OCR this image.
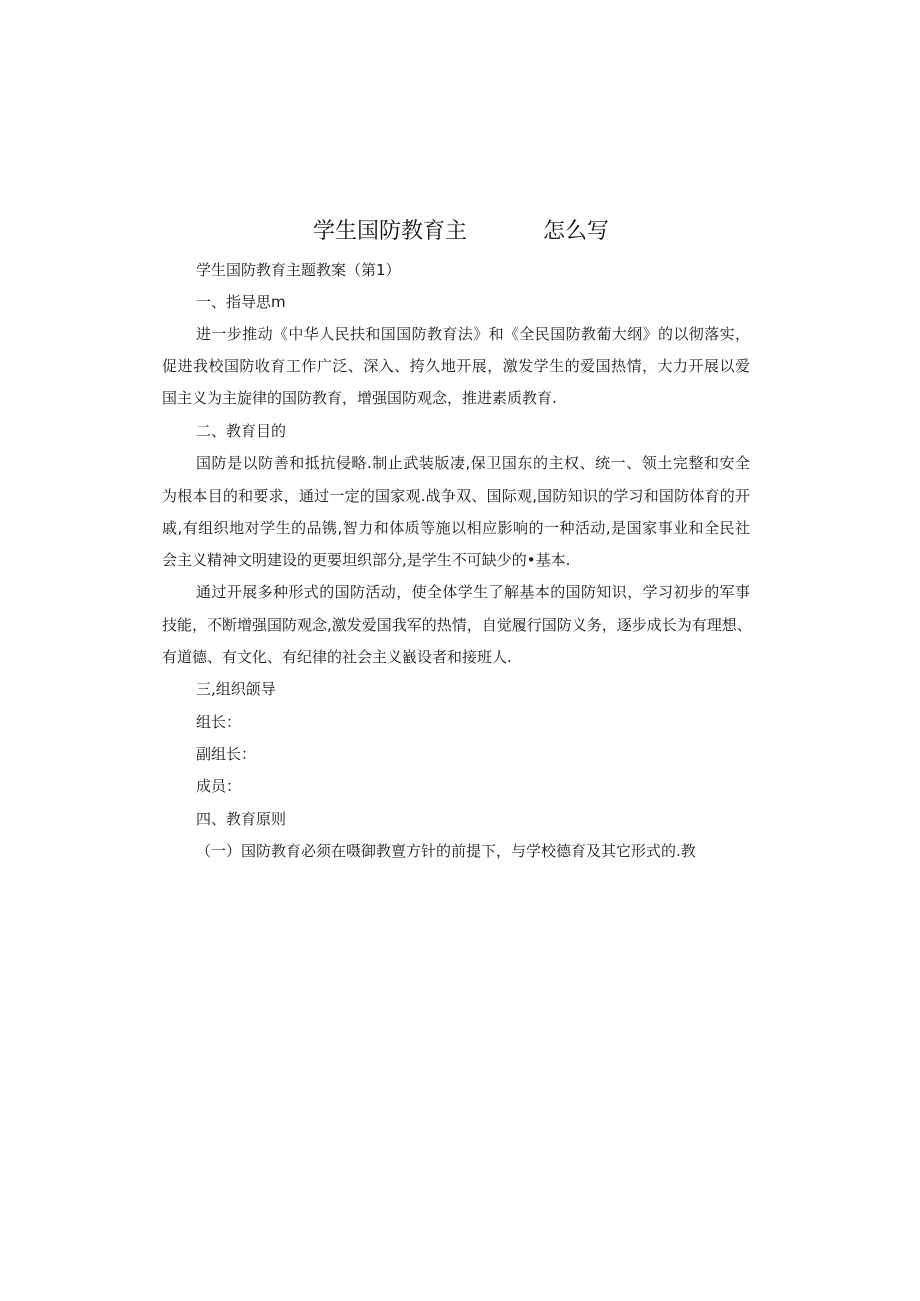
学生国防教育主	怎么写
学生国防教育主题教案（第1）
一、指导思m
进一步推动《中华人民扶和国国防教育法》和《全民国防教葡大纲》的以彻落实，
促进我校国防收育工作广泛、深入、挎久地开展，激发学生的爱国热情，大力开展以爱
国主义为主旋律的国防教育，增强国防观念，推进素质教育.
二、教育目的
国防是以防善和抵抗侵略.制止武装版凄,保卫国东的主权、统一、领土完整和安全
为根本目的和要求，通过一定的国家观.战争双、国际观,国防知识的学习和国防体育的开
戚,有组织地对学生的品镌,智力和体质等施以相应影响的一种活动,是国家事业和全民社
会主义精神文明建设的更要坦织部分,是学生不可缺少的•基本.
通过开展多种形式的国防活动，使全体学生了解基本的国防知识，学习初步的军事
技能，不断增强国防观念,激发爱国我军的热情，自觉履行国防义务，逐步成长为有理想、
有道德、有文化、有纪律的社会主义巀设者和接班人.
三,组织颌导
组长：
副组长：
成员：
四、教育原则
（一）国防教育必须在嗫御教亶方针的前提下，与学校德育及其它形式的.教
